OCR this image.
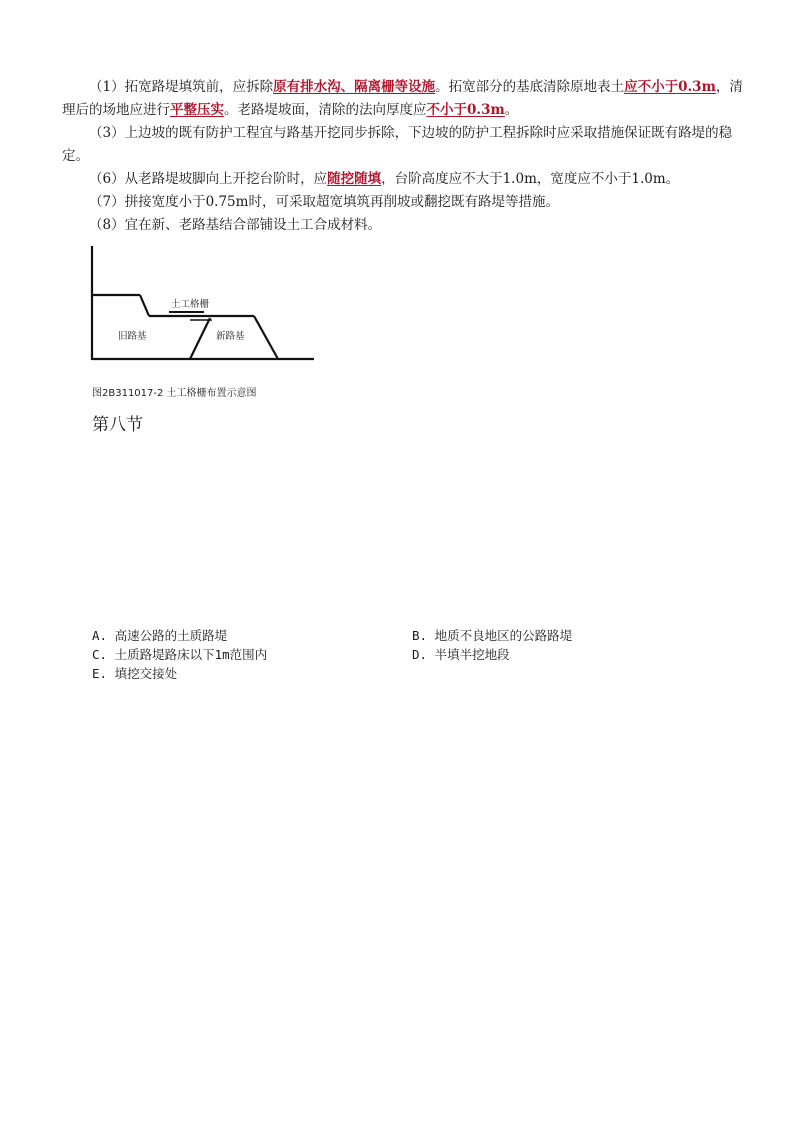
（1）拓宽路堤填筑前，应拆除原有排水沟、隔离栅等设施。拓宽部分的基底清除原地表土应不小于0.3m，清理后的场地应进行平整压实。老路堤坡面，清除的法向厚度应不小于0.3m。

（3）上边坡的既有防护工程宜与路基开挖同步拆除，下边坡的防护工程拆除时应采取措施保证既有路堤的稳定。

（6）从老路堤坡脚向上开挖台阶时，应随挖随填，台阶高度应不大于1.0m，宽度应不小于1.0m。

（7）拼接宽度小于0.75m时，可采取超宽填筑再削坡或翻挖既有路堤等措施。

（8）宜在新、老路基结合部铺设土工合成材料。

土工格栅
旧路基	新路基
图2B311017-2 土工格栅布置示意图

第八节

A. 高速公路的土质路堤	B. 地质不良地区的公路路堤
C. 土质路堤路床以下1m范围内	D. 半填半挖地段
E. 填挖交接处
